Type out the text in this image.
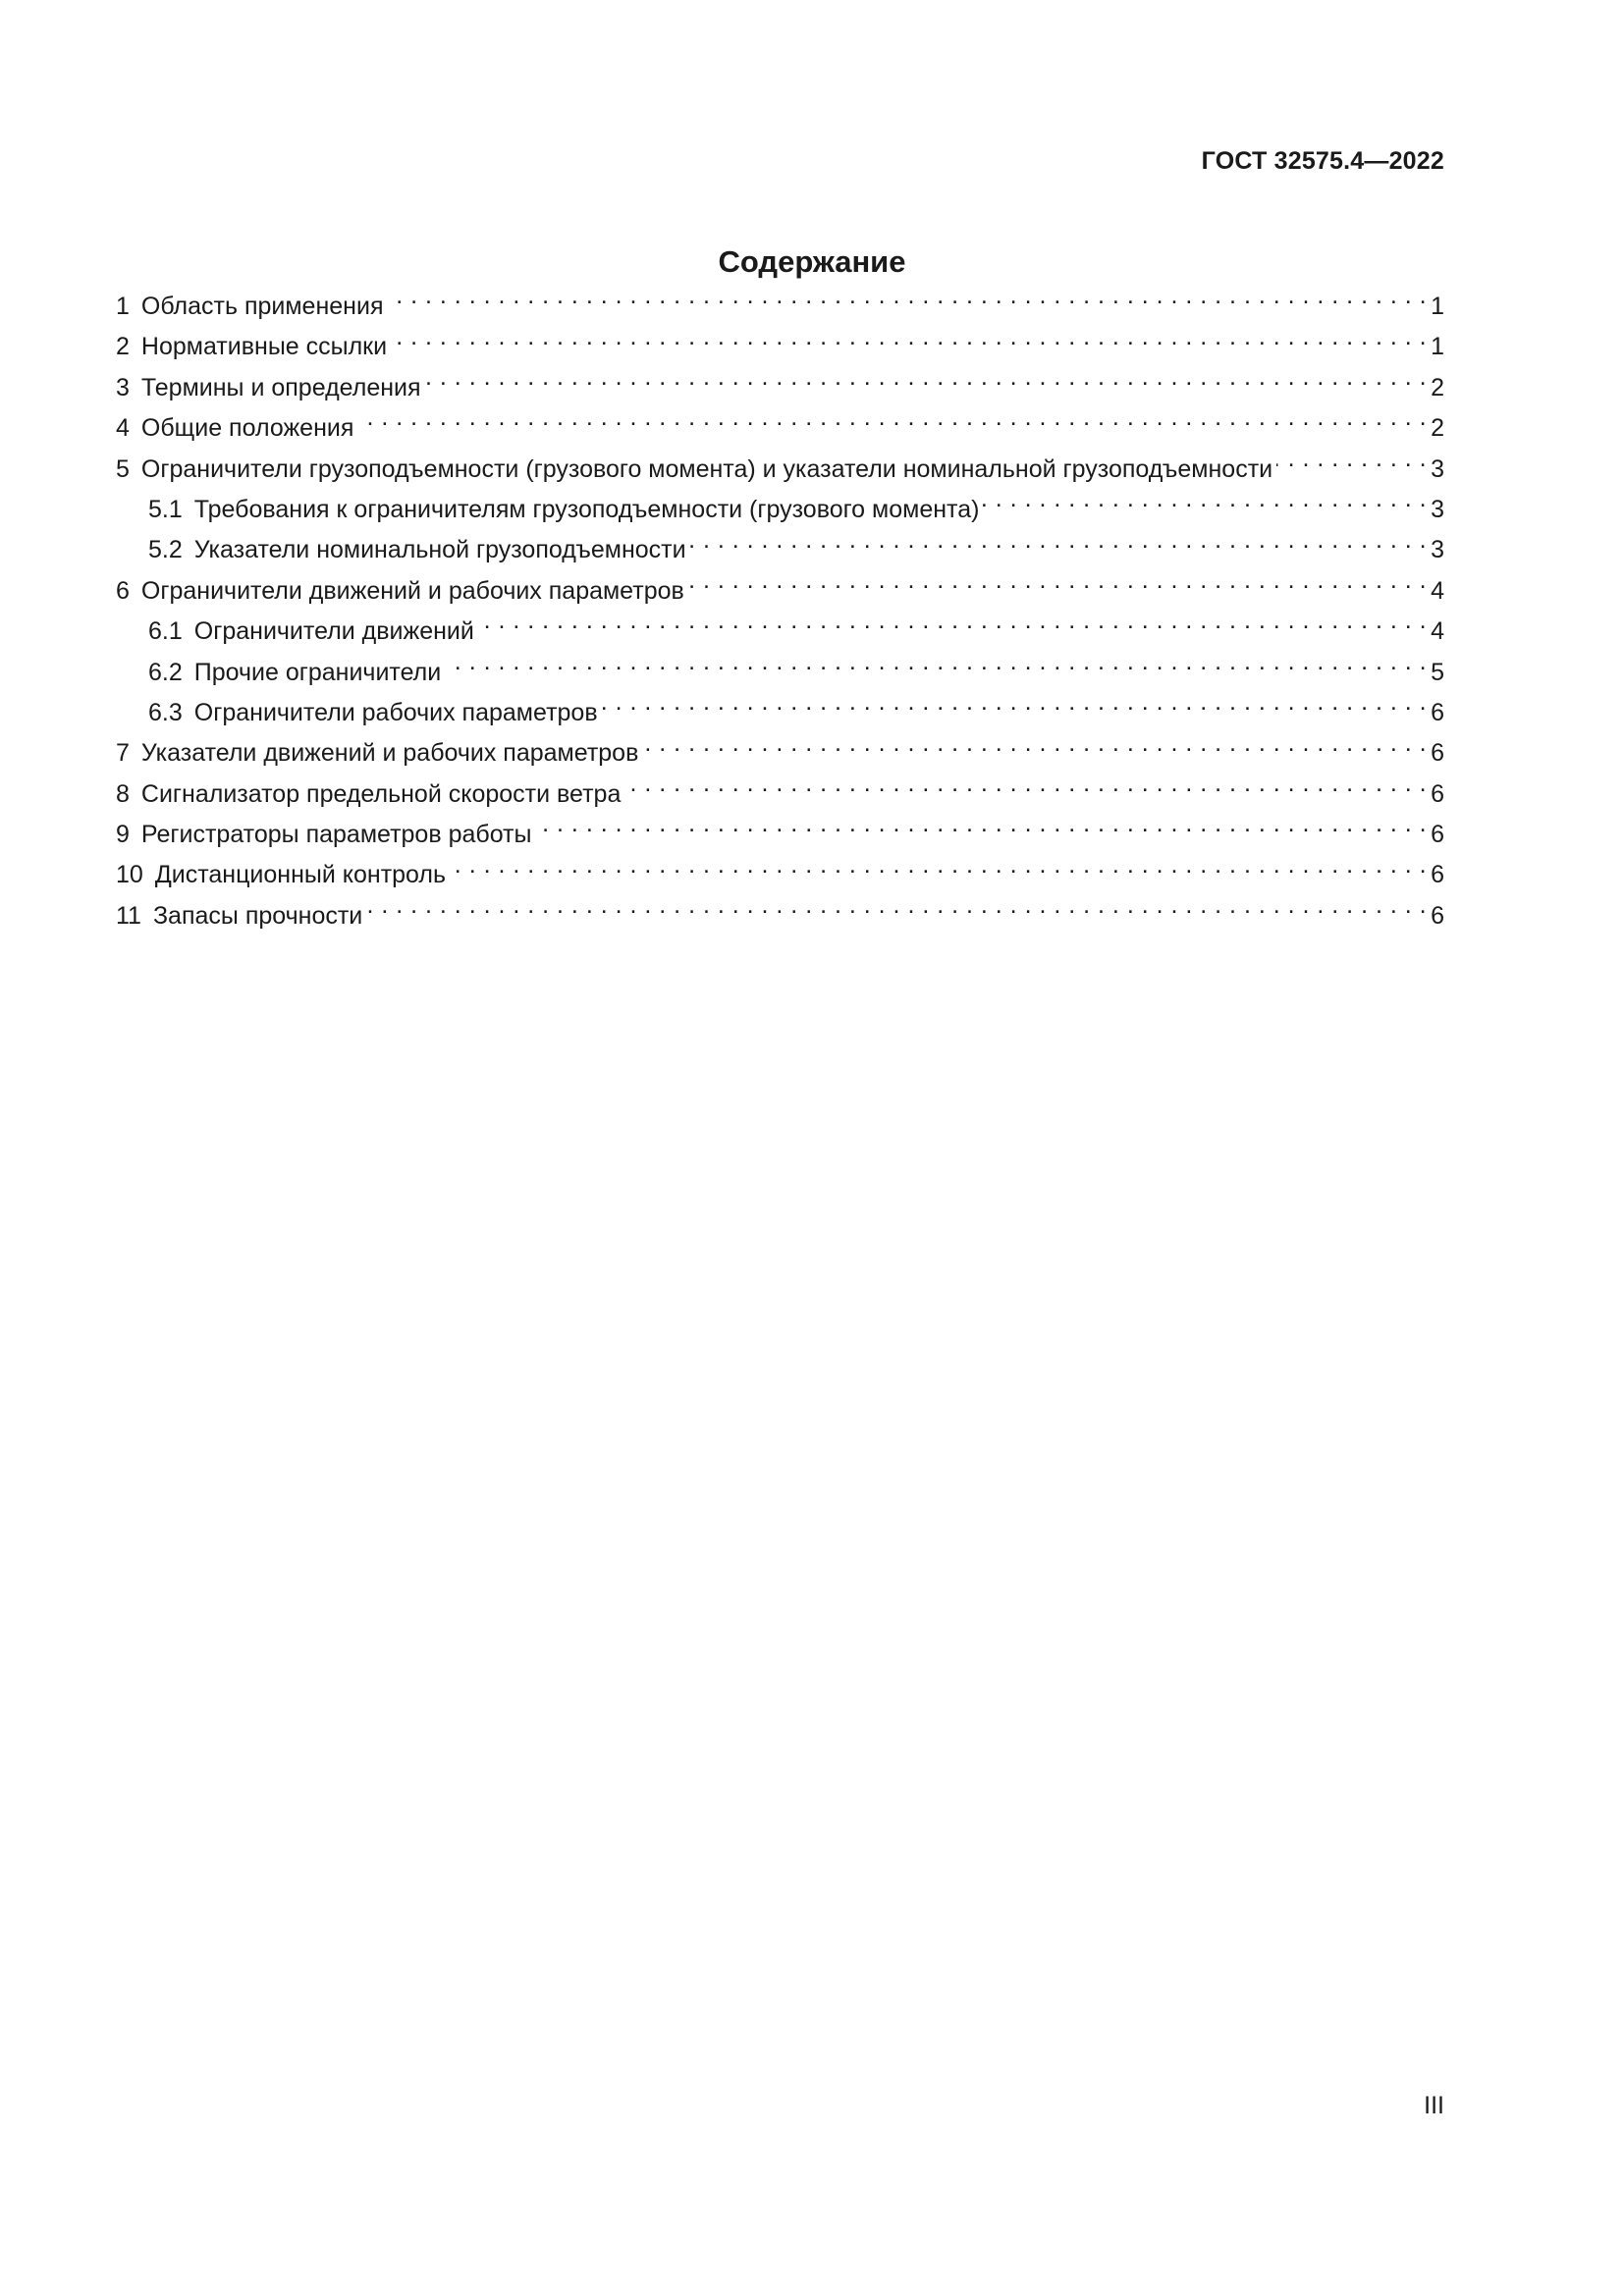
ГОСТ 32575.4—2022
Содержание
1 Область применения . . .	1
2 Нормативные ссылки . . .	1
3 Термины и определения . . .	2
4 Общие положения . . .	2
5 Ограничители грузоподъемности (грузового момента) и указатели номинальной грузоподъемности . . .	3
5.1 Требования к ограничителям грузоподъемности (грузового момента) . . .	3
5.2 Указатели номинальной грузоподъемности . . .	3
6 Ограничители движений и рабочих параметров . . .	4
6.1 Ограничители движений . . .	4
6.2 Прочие ограничители . . .	5
6.3 Ограничители рабочих параметров . . .	6
7 Указатели движений и рабочих параметров . . .	6
8 Сигнализатор предельной скорости ветра . . .	6
9 Регистраторы параметров работы . . .	6
10 Дистанционный контроль . . .	6
11 Запасы прочности . . .	6
III
